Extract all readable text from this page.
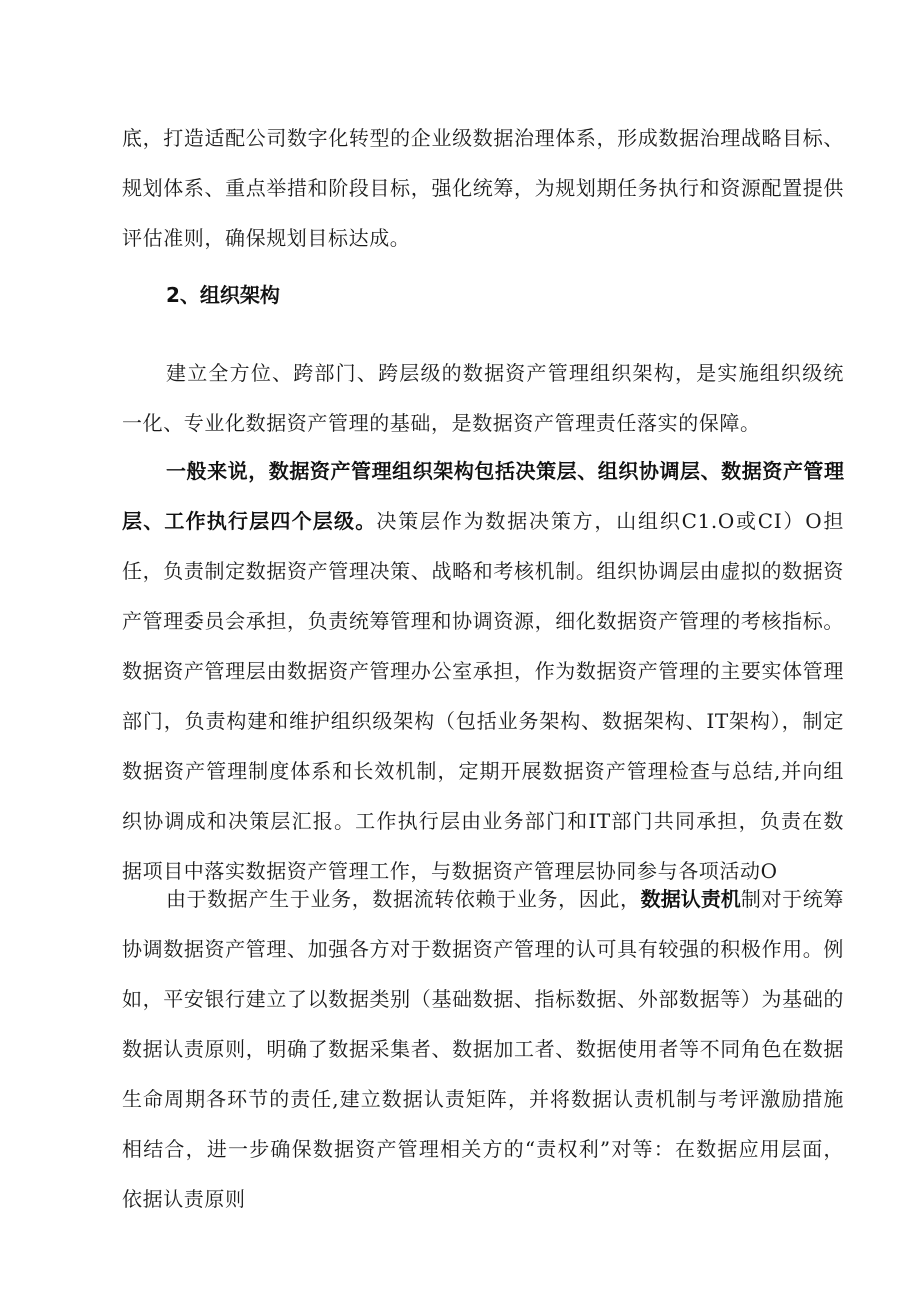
底，打造适配公司数字化转型的企业级数据治理体系，形成数据治理战略目标、规划体系、重点举措和阶段目标，强化统筹，为规划期任务执行和资源配置提供评估准则，确保规划目标达成。

2、组织架构

建立全方位、跨部门、跨层级的数据资产管理组织架构，是实施组织级统一化、专业化数据资产管理的基础，是数据资产管理责任落实的保障。

一般来说，数据资产管理组织架构包括决策层、组织协调层、数据资产管理层、工作执行层四个层级。决策层作为数据决策方，山组织C1.O或CI）O担任，负责制定数据资产管理决策、战略和考核机制。组织协调层由虚拟的数据资产管理委员会承担，负责统筹管理和协调资源，细化数据资产管理的考核指标。数据资产管理层由数据资产管理办公室承担，作为数据资产管理的主要实体管理部门，负责构建和维护组织级架构（包括业务架构、数据架构、IT架构），制定数据资产管理制度体系和长效机制，定期开展数据资产管理检查与总结,并向组织协调成和决策层汇报。工作执行层由业务部门和IT部门共同承担，负责在数据项目中落实数据资产管理工作，与数据资产管理层协同参与各项活动O

由于数据产生于业务，数据流转依赖于业务，因此，数据认责机制对于统筹协调数据资产管理、加强各方对于数据资产管理的认可具有较强的积极作用。例如，平安银行建立了以数据类别（基础数据、指标数据、外部数据等）为基础的数据认责原则，明确了数据采集者、数据加工者、数据使用者等不同角色在数据生命周期各环节的责任,建立数据认责矩阵，并将数据认责机制与考评激励措施相结合，进一步确保数据资产管理相关方的“责权利”对等：在数据应用层面，依据认责原则
